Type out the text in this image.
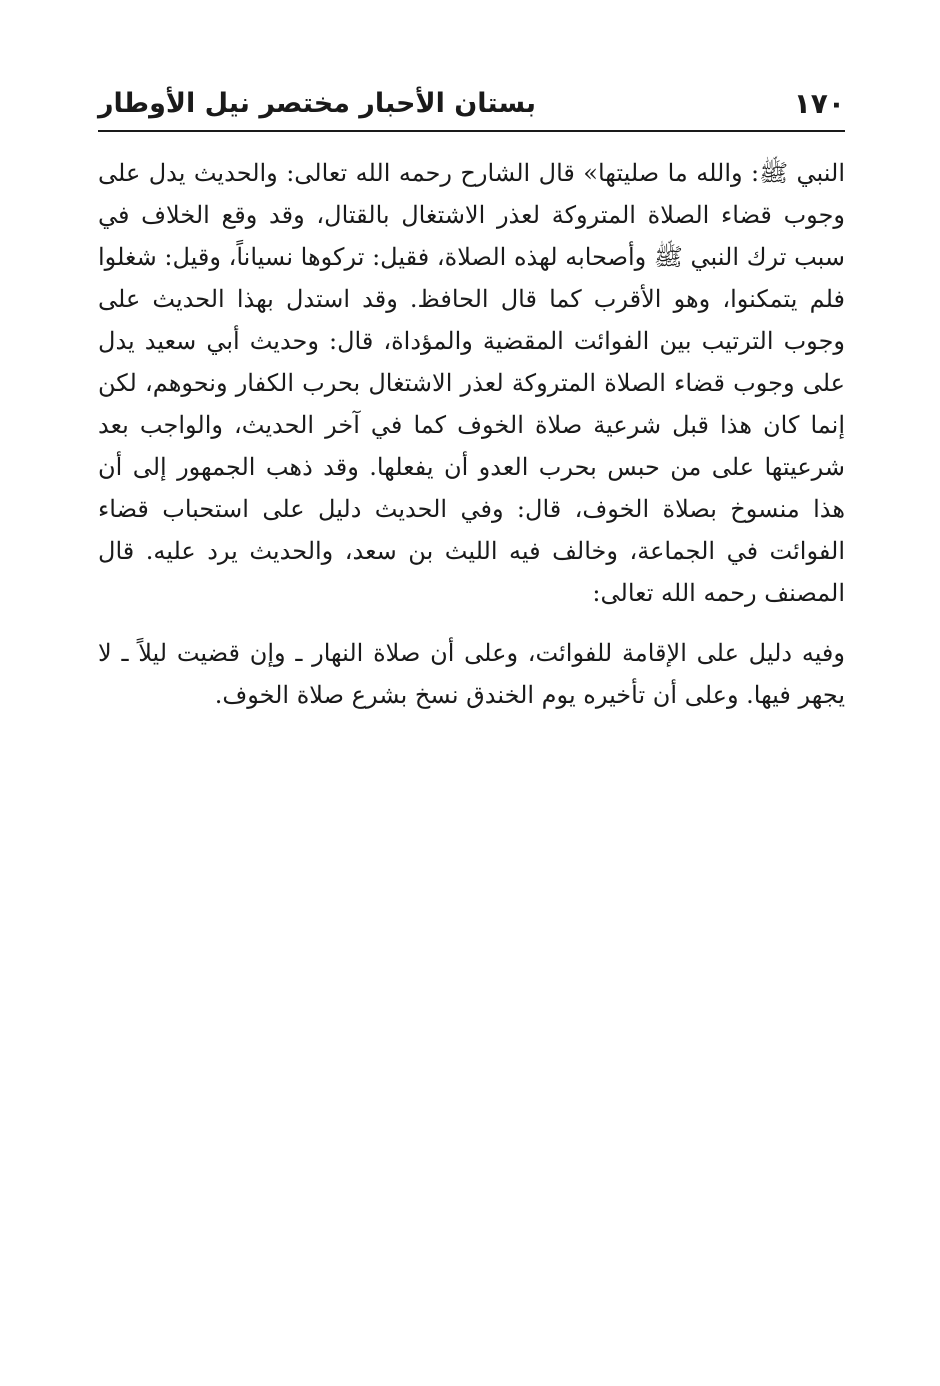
١٧٠
بستان الأحبار مختصر نيل الأوطار

النبي ﷺ: والله ما صليتها» قال الشارح رحمه الله تعالى: والحديث يدل على وجوب قضاء الصلاة المتروكة لعذر الاشتغال بالقتال، وقد وقع الخلاف في سبب ترك النبي ﷺ وأصحابه لهذه الصلاة، فقيل: تركوها نسياناً، وقيل: شغلوا فلم يتمكنوا، وهو الأقرب كما قال الحافظ. وقد استدل بهذا الحديث على وجوب الترتيب بين الفوائت المقضية والمؤداة، قال: وحديث أبي سعيد يدل على وجوب قضاء الصلاة المتروكة لعذر الاشتغال بحرب الكفار ونحوهم، لكن إنما كان هذا قبل شرعية صلاة الخوف كما في آخر الحديث، والواجب بعد شرعيتها على من حبس بحرب العدو أن يفعلها. وقد ذهب الجمهور إلى أن هذا منسوخ بصلاة الخوف، قال: وفي الحديث دليل على استحباب قضاء الفوائت في الجماعة، وخالف فيه الليث بن سعد، والحديث يرد عليه. قال المصنف رحمه الله تعالى:

وفيه دليل على الإقامة للفوائت، وعلى أن صلاة النهار ـ وإن قضيت ليلاً ـ لا يجهر فيها. وعلى أن تأخيره يوم الخندق نسخ بشرع صلاة الخوف.
